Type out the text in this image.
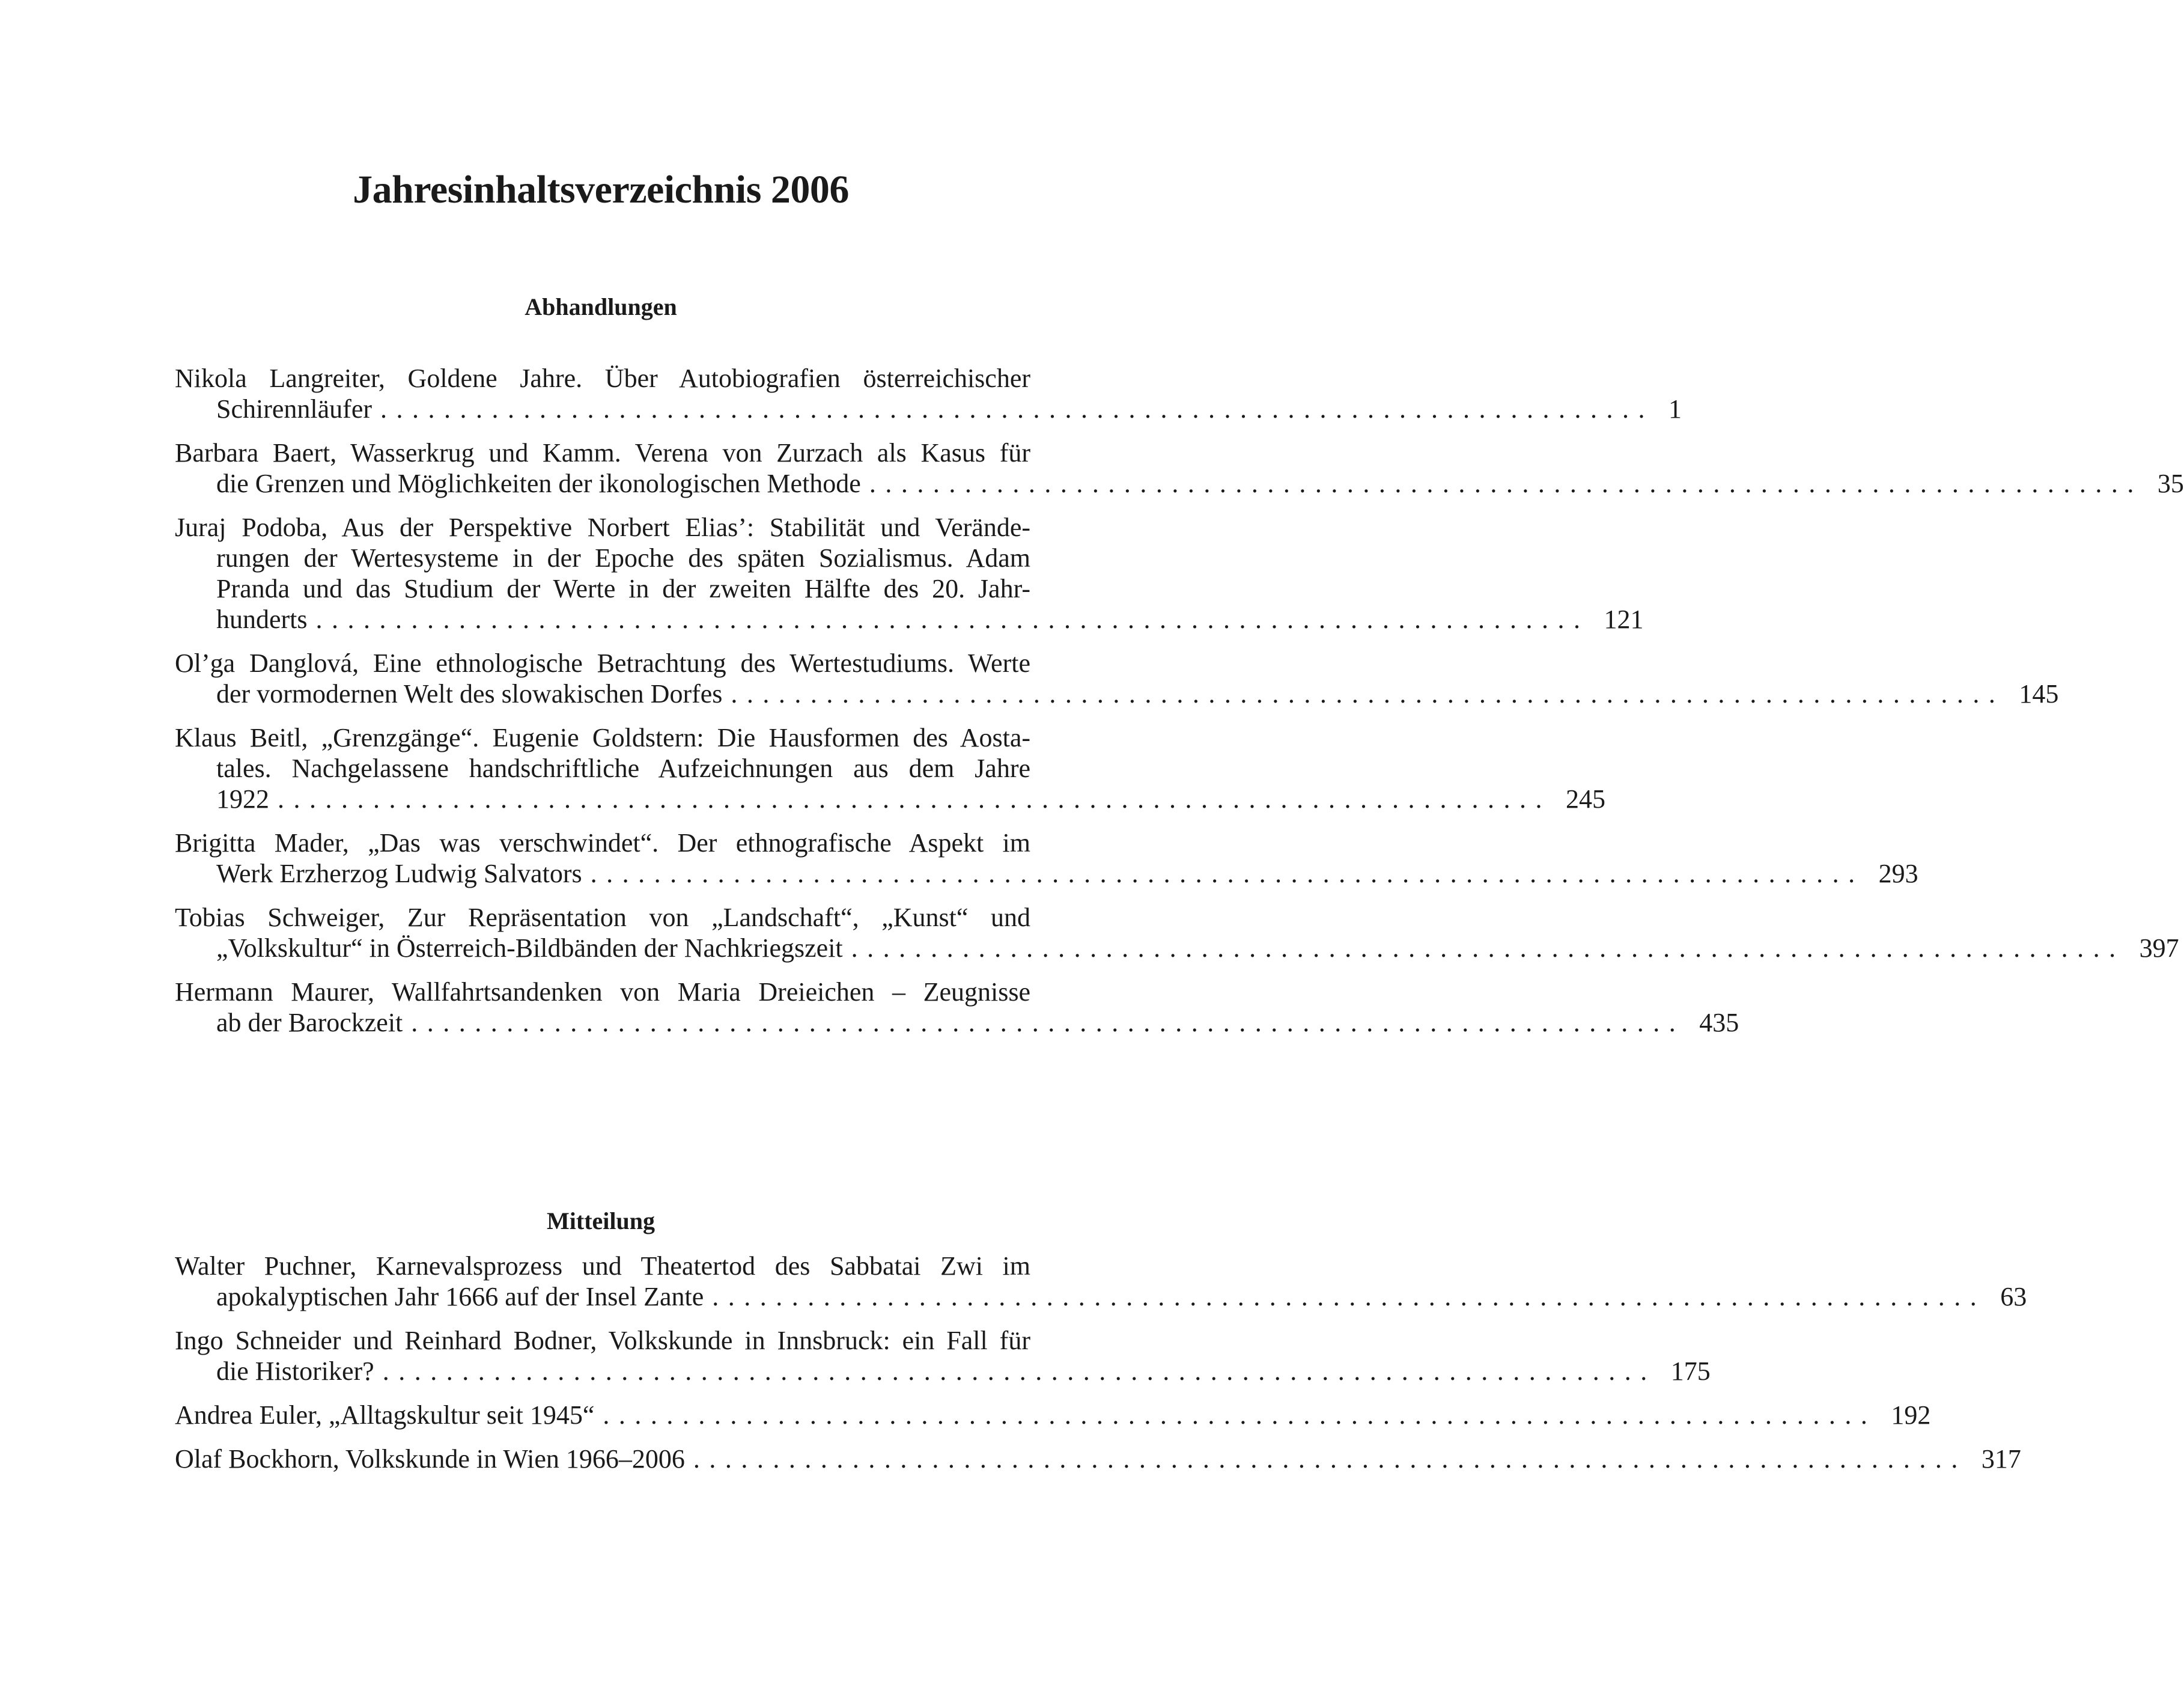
Jahresinhaltsverzeichnis 2006
Abhandlungen
Nikola Langreiter, Goldene Jahre. Über Autobiografien österreichischer
Schirennläufer ................................................................................ 1
Barbara Baert, Wasserkrug und Kamm. Verena von Zurzach als Kasus für
die Grenzen und Möglichkeiten der ikonologischen Methode ................................................................................ 35
Juraj Podoba, Aus der Perspektive Norbert Elias’: Stabilität und Verände-
rungen der Wertesysteme in der Epoche des späten Sozialismus. Adam
Pranda und das Studium der Werte in der zweiten Hälfte des 20. Jahr-
hunderts ................................................................................ 121
Ol’ga Danglová, Eine ethnologische Betrachtung des Wertestudiums. Werte
der vormodernen Welt des slowakischen Dorfes ................................................................................ 145
Klaus Beitl, „Grenzgänge“. Eugenie Goldstern: Die Hausformen des Aosta-
tales. Nachgelassene handschriftliche Aufzeichnungen aus dem Jahre
1922 ................................................................................ 245
Brigitta Mader, „Das was verschwindet“. Der ethnografische Aspekt im
Werk Erzherzog Ludwig Salvators ................................................................................ 293
Tobias Schweiger, Zur Repräsentation von „Landschaft“, „Kunst“ und
„Volkskultur“ in Österreich-Bildbänden der Nachkriegszeit ................................................................................ 397
Hermann Maurer, Wallfahrtsandenken von Maria Dreieichen – Zeugnisse
ab der Barockzeit ................................................................................ 435
Mitteilung
Walter Puchner, Karnevalsprozess und Theatertod des Sabbatai Zwi im
apokalyptischen Jahr 1666 auf der Insel Zante ................................................................................ 63
Ingo Schneider und Reinhard Bodner, Volkskunde in Innsbruck: ein Fall für
die Historiker? ................................................................................ 175
Andrea Euler, „Alltagskultur seit 1945“ ................................................................................ 192
Olaf Bockhorn, Volkskunde in Wien 1966–2006 ................................................................................ 317
